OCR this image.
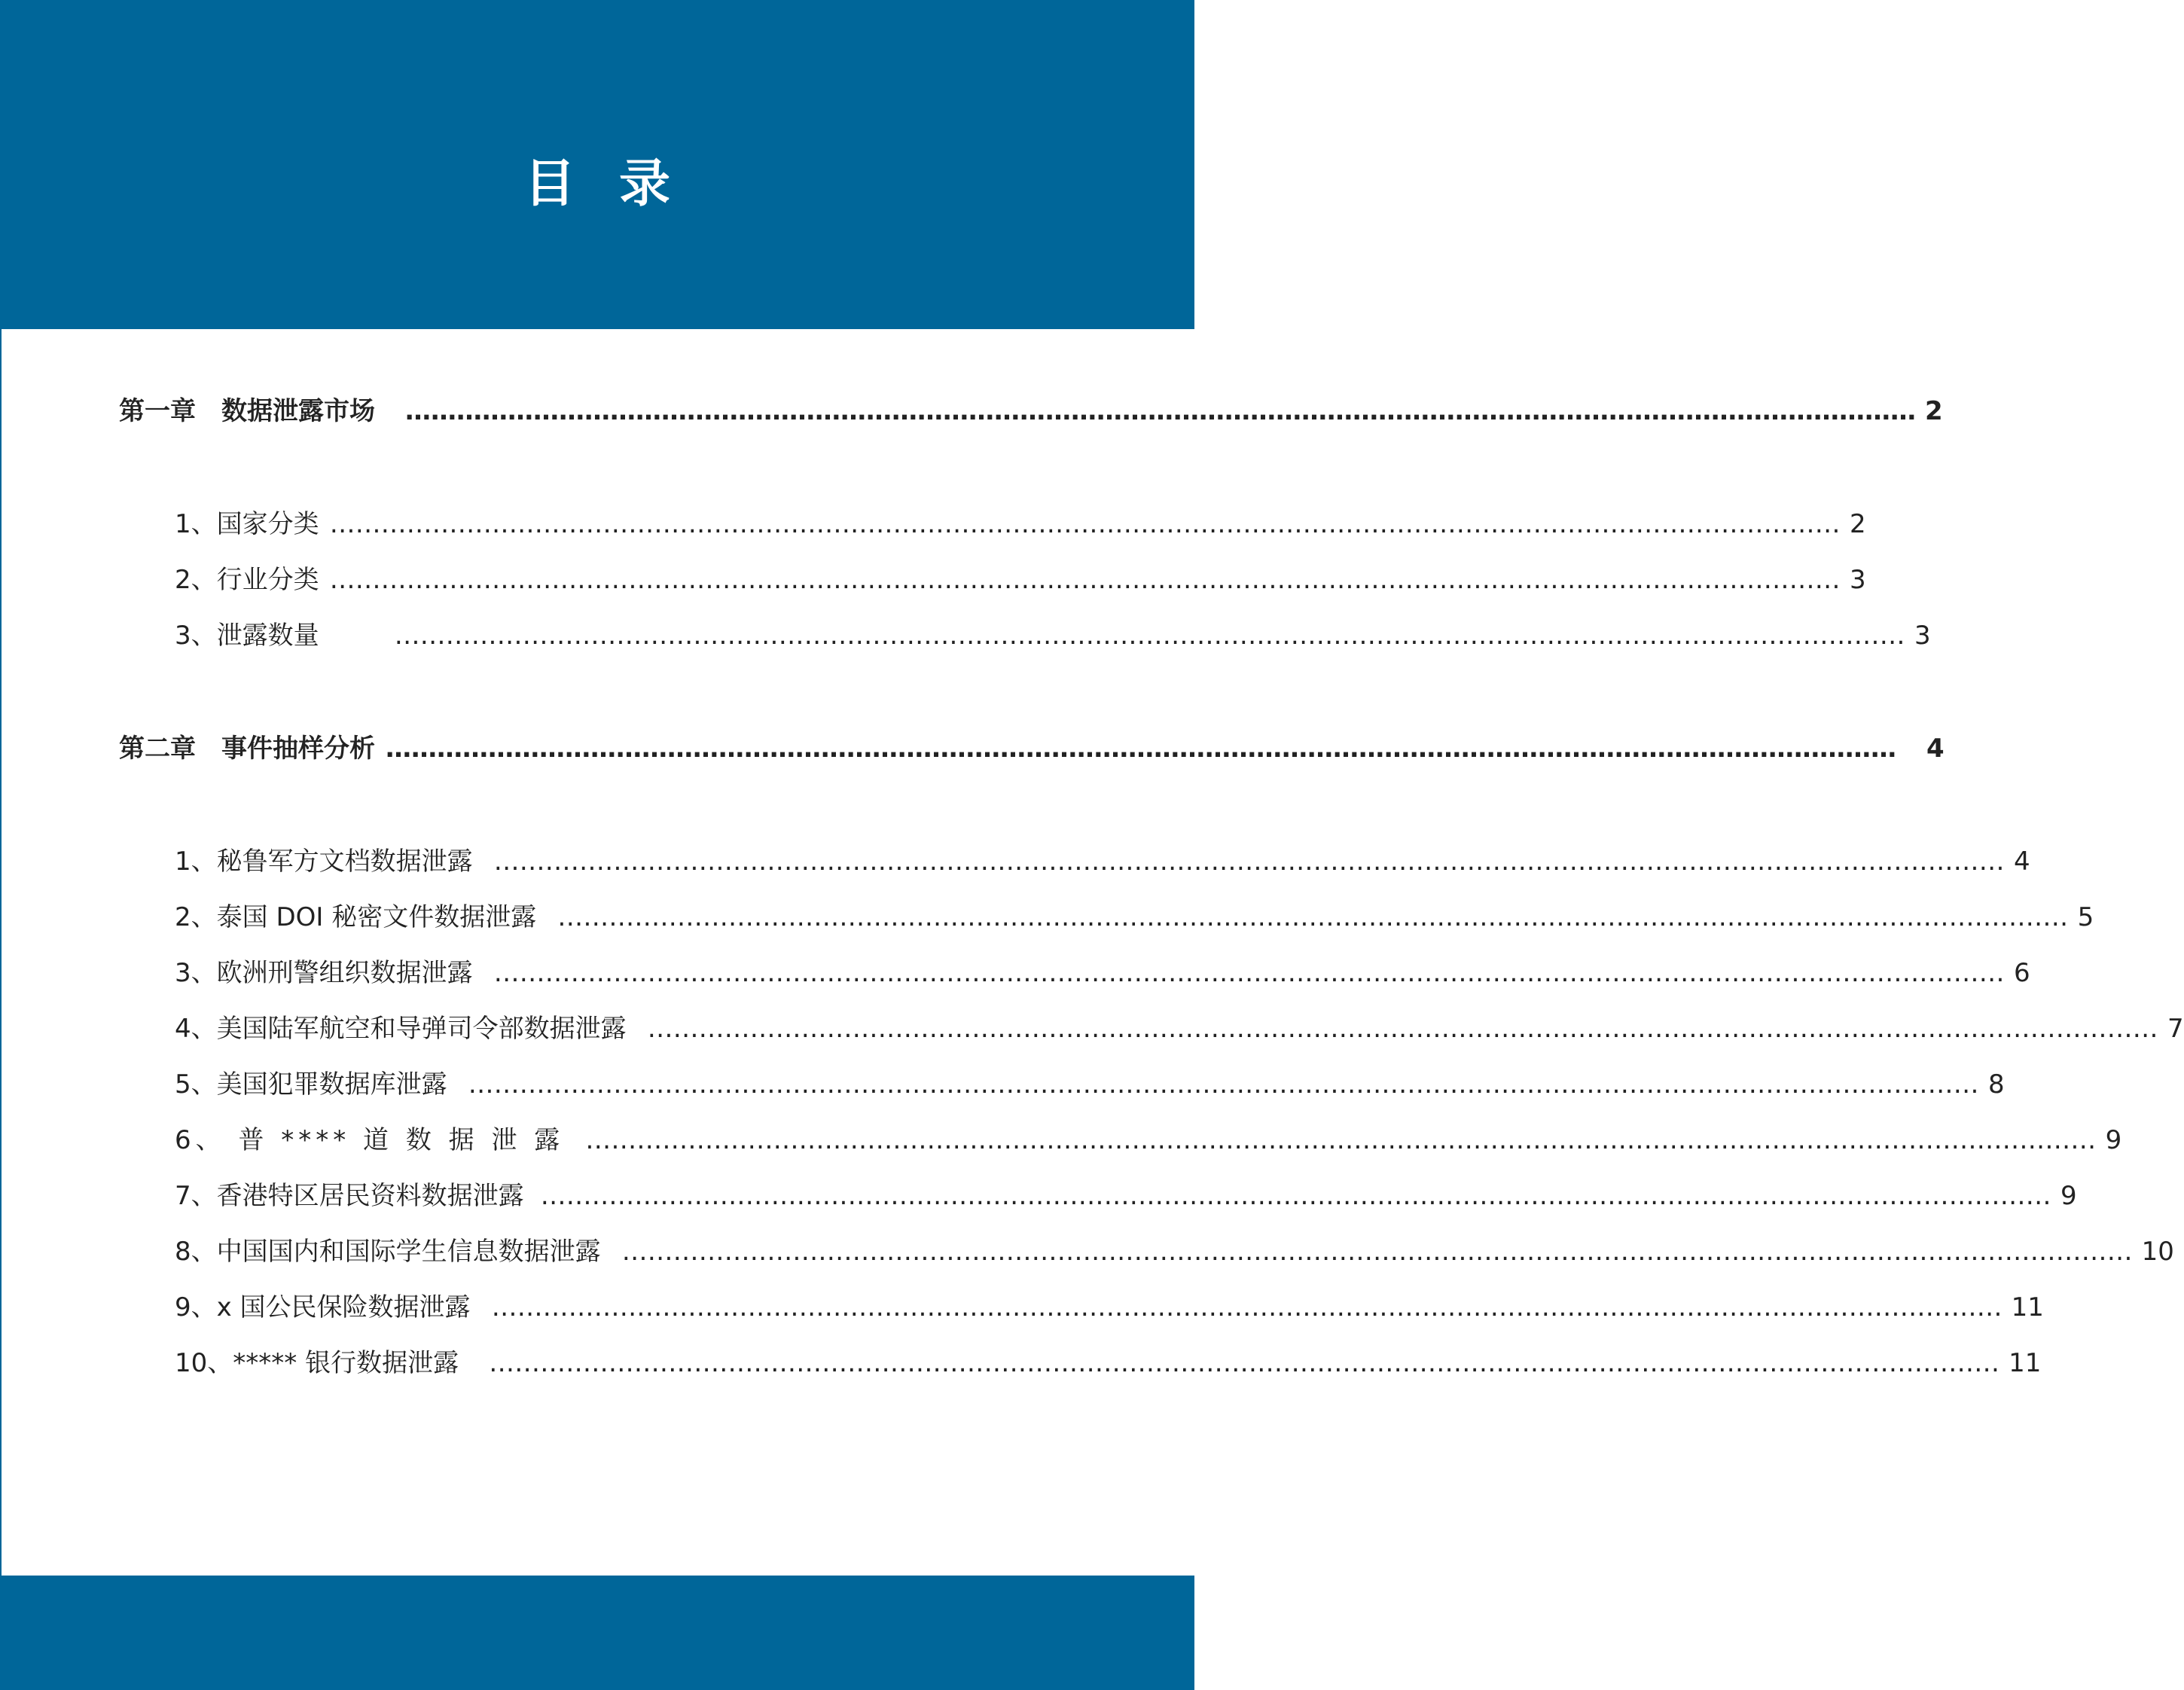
目录
第一章　数据泄露市场 …………………………………………………………………………………………………………………………………………………………… 2
1、国家分类 …………………………………………………………………………………………………………………………………………………………… 2
2、行业分类 …………………………………………………………………………………………………………………………………………………………… 3
3、泄露数量	…………………………………………………………………………………………………………………………………………………………… 3
第二章　事件抽样分析 …………………………………………………………………………………………………………………………………………………………… 4
1、秘鲁军方文档数据泄露 …………………………………………………………………………………………………………………………………………………………… 4
2、泰国 DOI 秘密文件数据泄露 …………………………………………………………………………………………………………………………………………………………… 5
3、欧洲刑警组织数据泄露 …………………………………………………………………………………………………………………………………………………………… 6
4、美国陆军航空和导弹司令部数据泄露 …………………………………………………………………………………………………………………………………………………………… 7
5、美国犯罪数据库泄露 …………………………………………………………………………………………………………………………………………………………… 8
6、 普 **** 道 数 据 泄 露 …………………………………………………………………………………………………………………………………………………………… 9
7、香港特区居民资料数据泄露 …………………………………………………………………………………………………………………………………………………………… 9
8、中国国内和国际学生信息数据泄露 …………………………………………………………………………………………………………………………………………………………… 10
9、x 国公民保险数据泄露 …………………………………………………………………………………………………………………………………………………………… 11
10、***** 银行数据泄露 …………………………………………………………………………………………………………………………………………………………… 11
